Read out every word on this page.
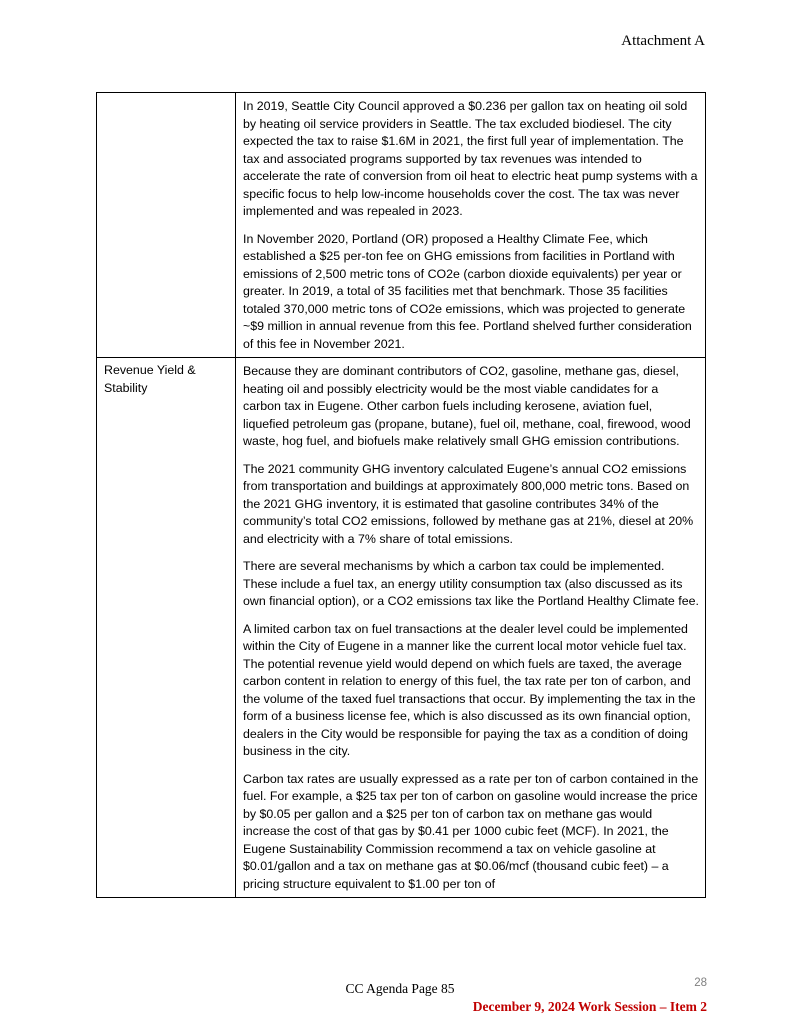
Attachment A

	In 2019, Seattle City Council approved a $0.236 per gallon tax on heating oil sold by heating oil service providers in Seattle. The tax excluded biodiesel. The city expected the tax to raise $1.6M in 2021, the first full year of implementation. The tax and associated programs supported by tax revenues was intended to accelerate the rate of conversion from oil heat to electric heat pump systems with a specific focus to help low-income households cover the cost. The tax was never implemented and was repealed in 2023.

In November 2020, Portland (OR) proposed a Healthy Climate Fee, which established a $25 per-ton fee on GHG emissions from facilities in Portland with emissions of 2,500 metric tons of CO2e (carbon dioxide equivalents) per year or greater. In 2019, a total of 35 facilities met that benchmark. Those 35 facilities totaled 370,000 metric tons of CO2e emissions, which was projected to generate ~$9 million in annual revenue from this fee. Portland shelved further consideration of this fee in November 2021.

Revenue Yield & Stability	Because they are dominant contributors of CO2, gasoline, methane gas, diesel, heating oil and possibly electricity would be the most viable candidates for a carbon tax in Eugene. Other carbon fuels including kerosene, aviation fuel, liquefied petroleum gas (propane, butane), fuel oil, methane, coal, firewood, wood waste, hog fuel, and biofuels make relatively small GHG emission contributions.

The 2021 community GHG inventory calculated Eugene’s annual CO2 emissions from transportation and buildings at approximately 800,000 metric tons. Based on the 2021 GHG inventory, it is estimated that gasoline contributes 34% of the community’s total CO2 emissions, followed by methane gas at 21%, diesel at 20% and electricity with a 7% share of total emissions.

There are several mechanisms by which a carbon tax could be implemented. These include a fuel tax, an energy utility consumption tax (also discussed as its own financial option), or a CO2 emissions tax like the Portland Healthy Climate fee.

A limited carbon tax on fuel transactions at the dealer level could be implemented within the City of Eugene in a manner like the current local motor vehicle fuel tax. The potential revenue yield would depend on which fuels are taxed, the average carbon content in relation to energy of this fuel, the tax rate per ton of carbon, and the volume of the taxed fuel transactions that occur. By implementing the tax in the form of a business license fee, which is also discussed as its own financial option, dealers in the City would be responsible for paying the tax as a condition of doing business in the city.

Carbon tax rates are usually expressed as a rate per ton of carbon contained in the fuel. For example, a $25 tax per ton of carbon on gasoline would increase the price by $0.05 per gallon and a $25 per ton of carbon tax on methane gas would increase the cost of that gas by $0.41 per 1000 cubic feet (MCF). In 2021, the Eugene Sustainability Commission recommend a tax on vehicle gasoline at $0.01/gallon and a tax on methane gas at $0.06/mcf (thousand cubic feet) – a pricing structure equivalent to $1.00 per ton of

CC Agenda Page 85	28
December 9, 2024 Work Session – Item 2
